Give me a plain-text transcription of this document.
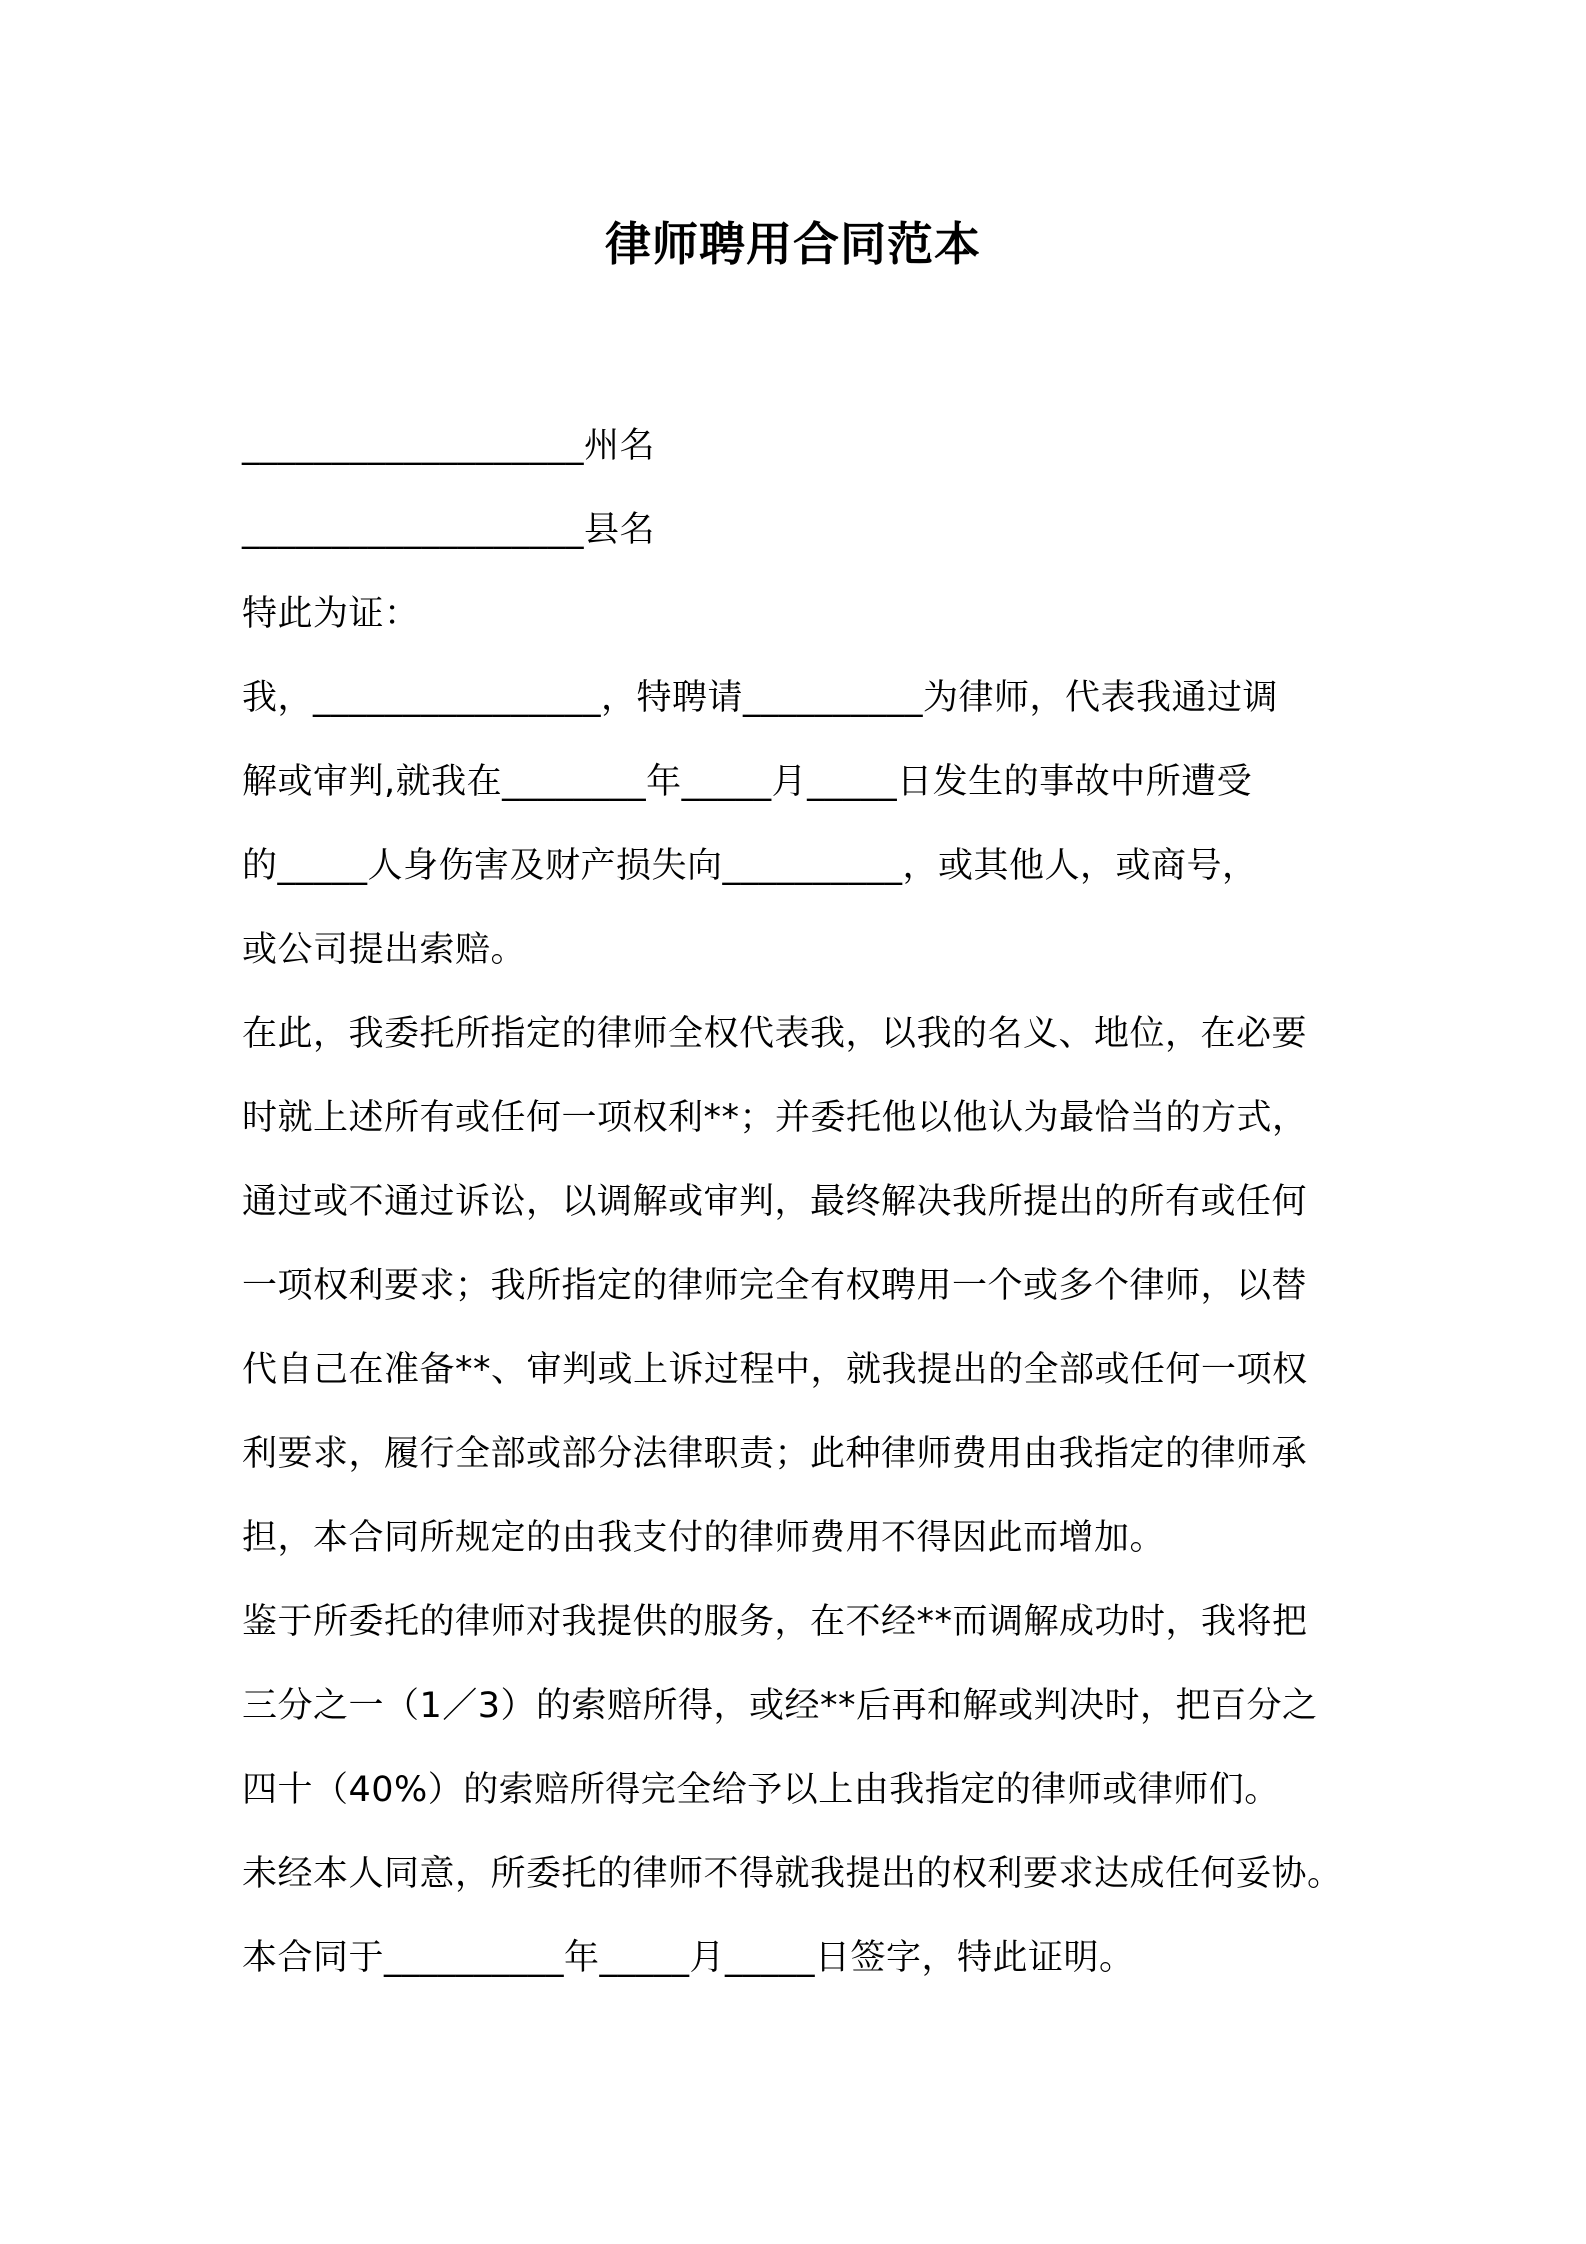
律师聘用合同范本
___________________州名
___________________县名
特此为证：
我，________________，特聘请__________为律师，代表我通过调
解或审判,就我在________年_____月_____日发生的事故中所遭受
的_____人身伤害及财产损失向__________，或其他人，或商号，
或公司提出索赔。
在此，我委托所指定的律师全权代表我，以我的名义、地位，在必要
时就上述所有或任何一项权利**；并委托他以他认为最恰当的方式，
通过或不通过诉讼，以调解或审判，最终解决我所提出的所有或任何
一项权利要求；我所指定的律师完全有权聘用一个或多个律师，以替
代自己在准备**、审判或上诉过程中，就我提出的全部或任何一项权
利要求，履行全部或部分法律职责；此种律师费用由我指定的律师承
担，本合同所规定的由我支付的律师费用不得因此而增加。
鉴于所委托的律师对我提供的服务，在不经**而调解成功时，我将把
三分之一（1／3）的索赔所得，或经**后再和解或判决时，把百分之
四十（40%）的索赔所得完全给予以上由我指定的律师或律师们。
未经本人同意，所委托的律师不得就我提出的权利要求达成任何妥协。
本合同于__________年_____月_____日签字，特此证明。
